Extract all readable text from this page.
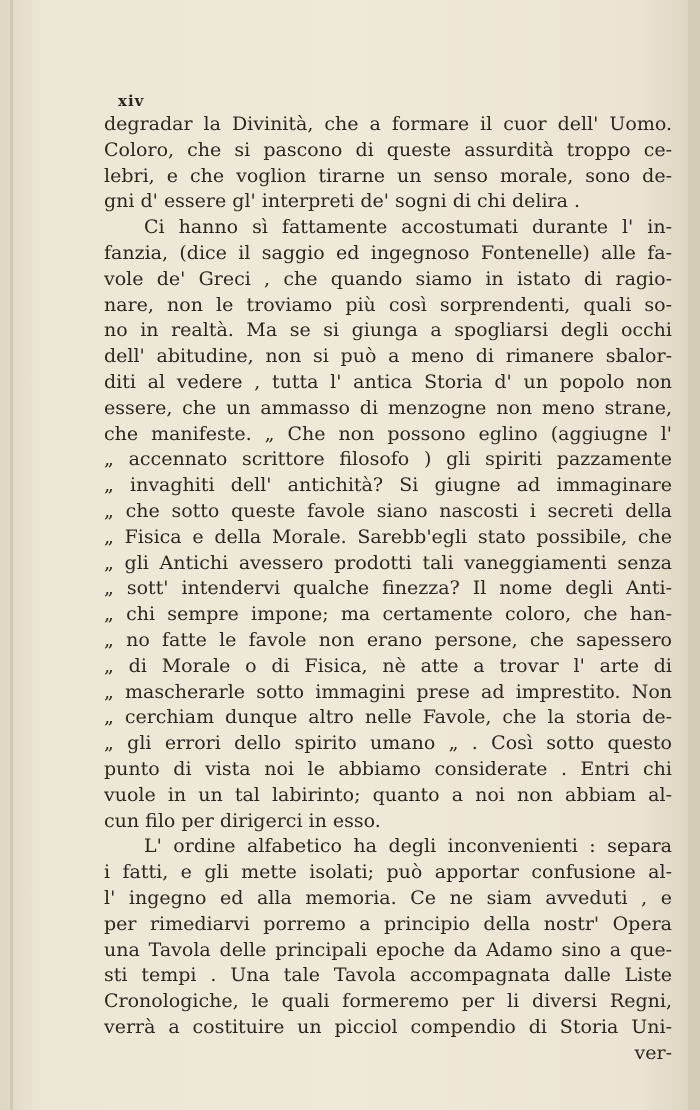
xiv
degradar la Divinità, che a formare il cuor dell' Uomo.
Coloro, che si pascono di queste assurdità troppo ce-
lebri, e che voglion tirarne un senso morale, sono de-
gni d' essere gl' interpreti de' sogni di chi delira .
Ci hanno sì fattamente accostumati durante l' in-
fanzia, (dice il saggio ed ingegnoso Fontenelle) alle fa-
vole de' Greci , che quando siamo in istato di ragio-
nare, non le troviamo più così sorprendenti, quali so-
no in realtà. Ma se si giunga a spogliarsi degli occhi
dell' abitudine, non si può a meno di rimanere sbalor-
diti al vedere , tutta l' antica Storia d' un popolo non
essere, che un ammasso di menzogne non meno strane,
che manifeste. „ Che non possono eglino (aggiugne l'
„ accennato scrittore filosofo ) gli spiriti pazzamente
„ invaghiti dell' antichità? Si giugne ad immaginare
„ che sotto queste favole siano nascosti i secreti della
„ Fisica e della Morale. Sarebb'egli stato possibile, che
„ gli Antichi avessero prodotti tali vaneggiamenti senza
„ sott' intendervi qualche finezza? Il nome degli Anti-
„ chi sempre impone; ma certamente coloro, che han-
„ no fatte le favole non erano persone, che sapessero
„ di Morale o di Fisica, nè atte a trovar l' arte di
„ mascherarle sotto immagini prese ad imprestito. Non
„ cerchiam dunque altro nelle Favole, che la storia de-
„ gli errori dello spirito umano „ . Così sotto questo
punto di vista noi le abbiamo considerate . Entri chi
vuole in un tal labirinto; quanto a noi non abbiam al-
cun filo per dirigerci in esso.
L' ordine alfabetico ha degli inconvenienti : separa
i fatti, e gli mette isolati; può apportar confusione al-
l' ingegno ed alla memoria. Ce ne siam avveduti , e
per rimediarvi porremo a principio della nostr' Opera
una Tavola delle principali epoche da Adamo sino a que-
sti tempi . Una tale Tavola accompagnata dalle Liste
Cronologiche, le quali formeremo per li diversi Regni,
verrà a costituire un picciol compendio di Storia Uni-
ver-
